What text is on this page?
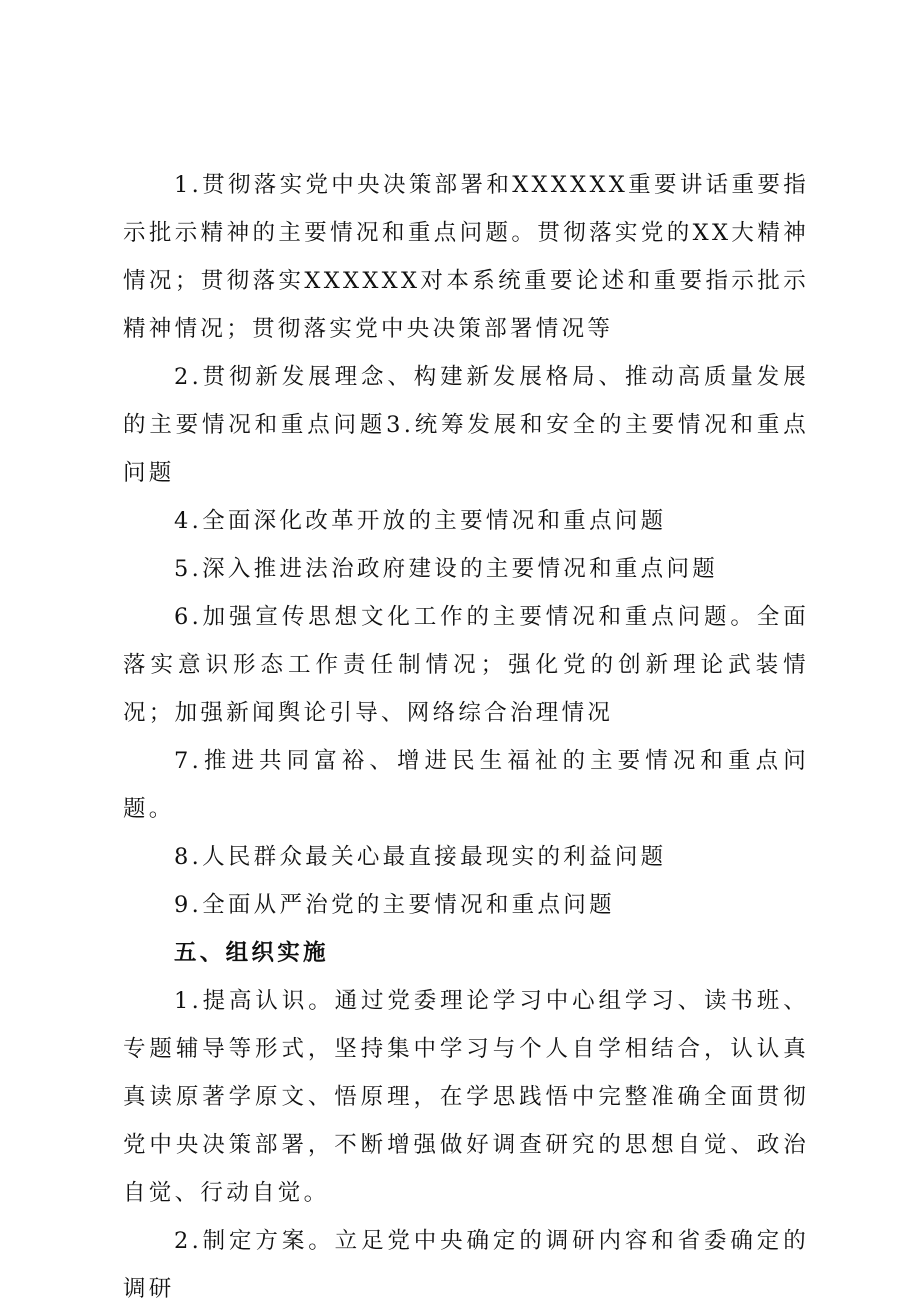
1.贯彻落实党中央决策部署和XXXXXX重要讲话重要指示批示精神的主要情况和重点问题。贯彻落实党的XX大精神情况；贯彻落实XXXXXX对本系统重要论述和重要指示批示精神情况；贯彻落实党中央决策部署情况等

2.贯彻新发展理念、构建新发展格局、推动高质量发展的主要情况和重点问题3.统筹发展和安全的主要情况和重点问题

4.全面深化改革开放的主要情况和重点问题

5.深入推进法治政府建设的主要情况和重点问题

6.加强宣传思想文化工作的主要情况和重点问题。全面落实意识形态工作责任制情况；强化党的创新理论武装情况；加强新闻舆论引导、网络综合治理情况

7.推进共同富裕、增进民生福祉的主要情况和重点问题。

8.人民群众最关心最直接最现实的利益问题

9.全面从严治党的主要情况和重点问题

五、组织实施

1.提高认识。通过党委理论学习中心组学习、读书班、专题辅导等形式，坚持集中学习与个人自学相结合，认认真真读原著学原文、悟原理，在学思践悟中完整准确全面贯彻党中央决策部署，不断增强做好调查研究的思想自觉、政治自觉、行动自觉。

2.制定方案。立足党中央确定的调研内容和省委确定的调研
